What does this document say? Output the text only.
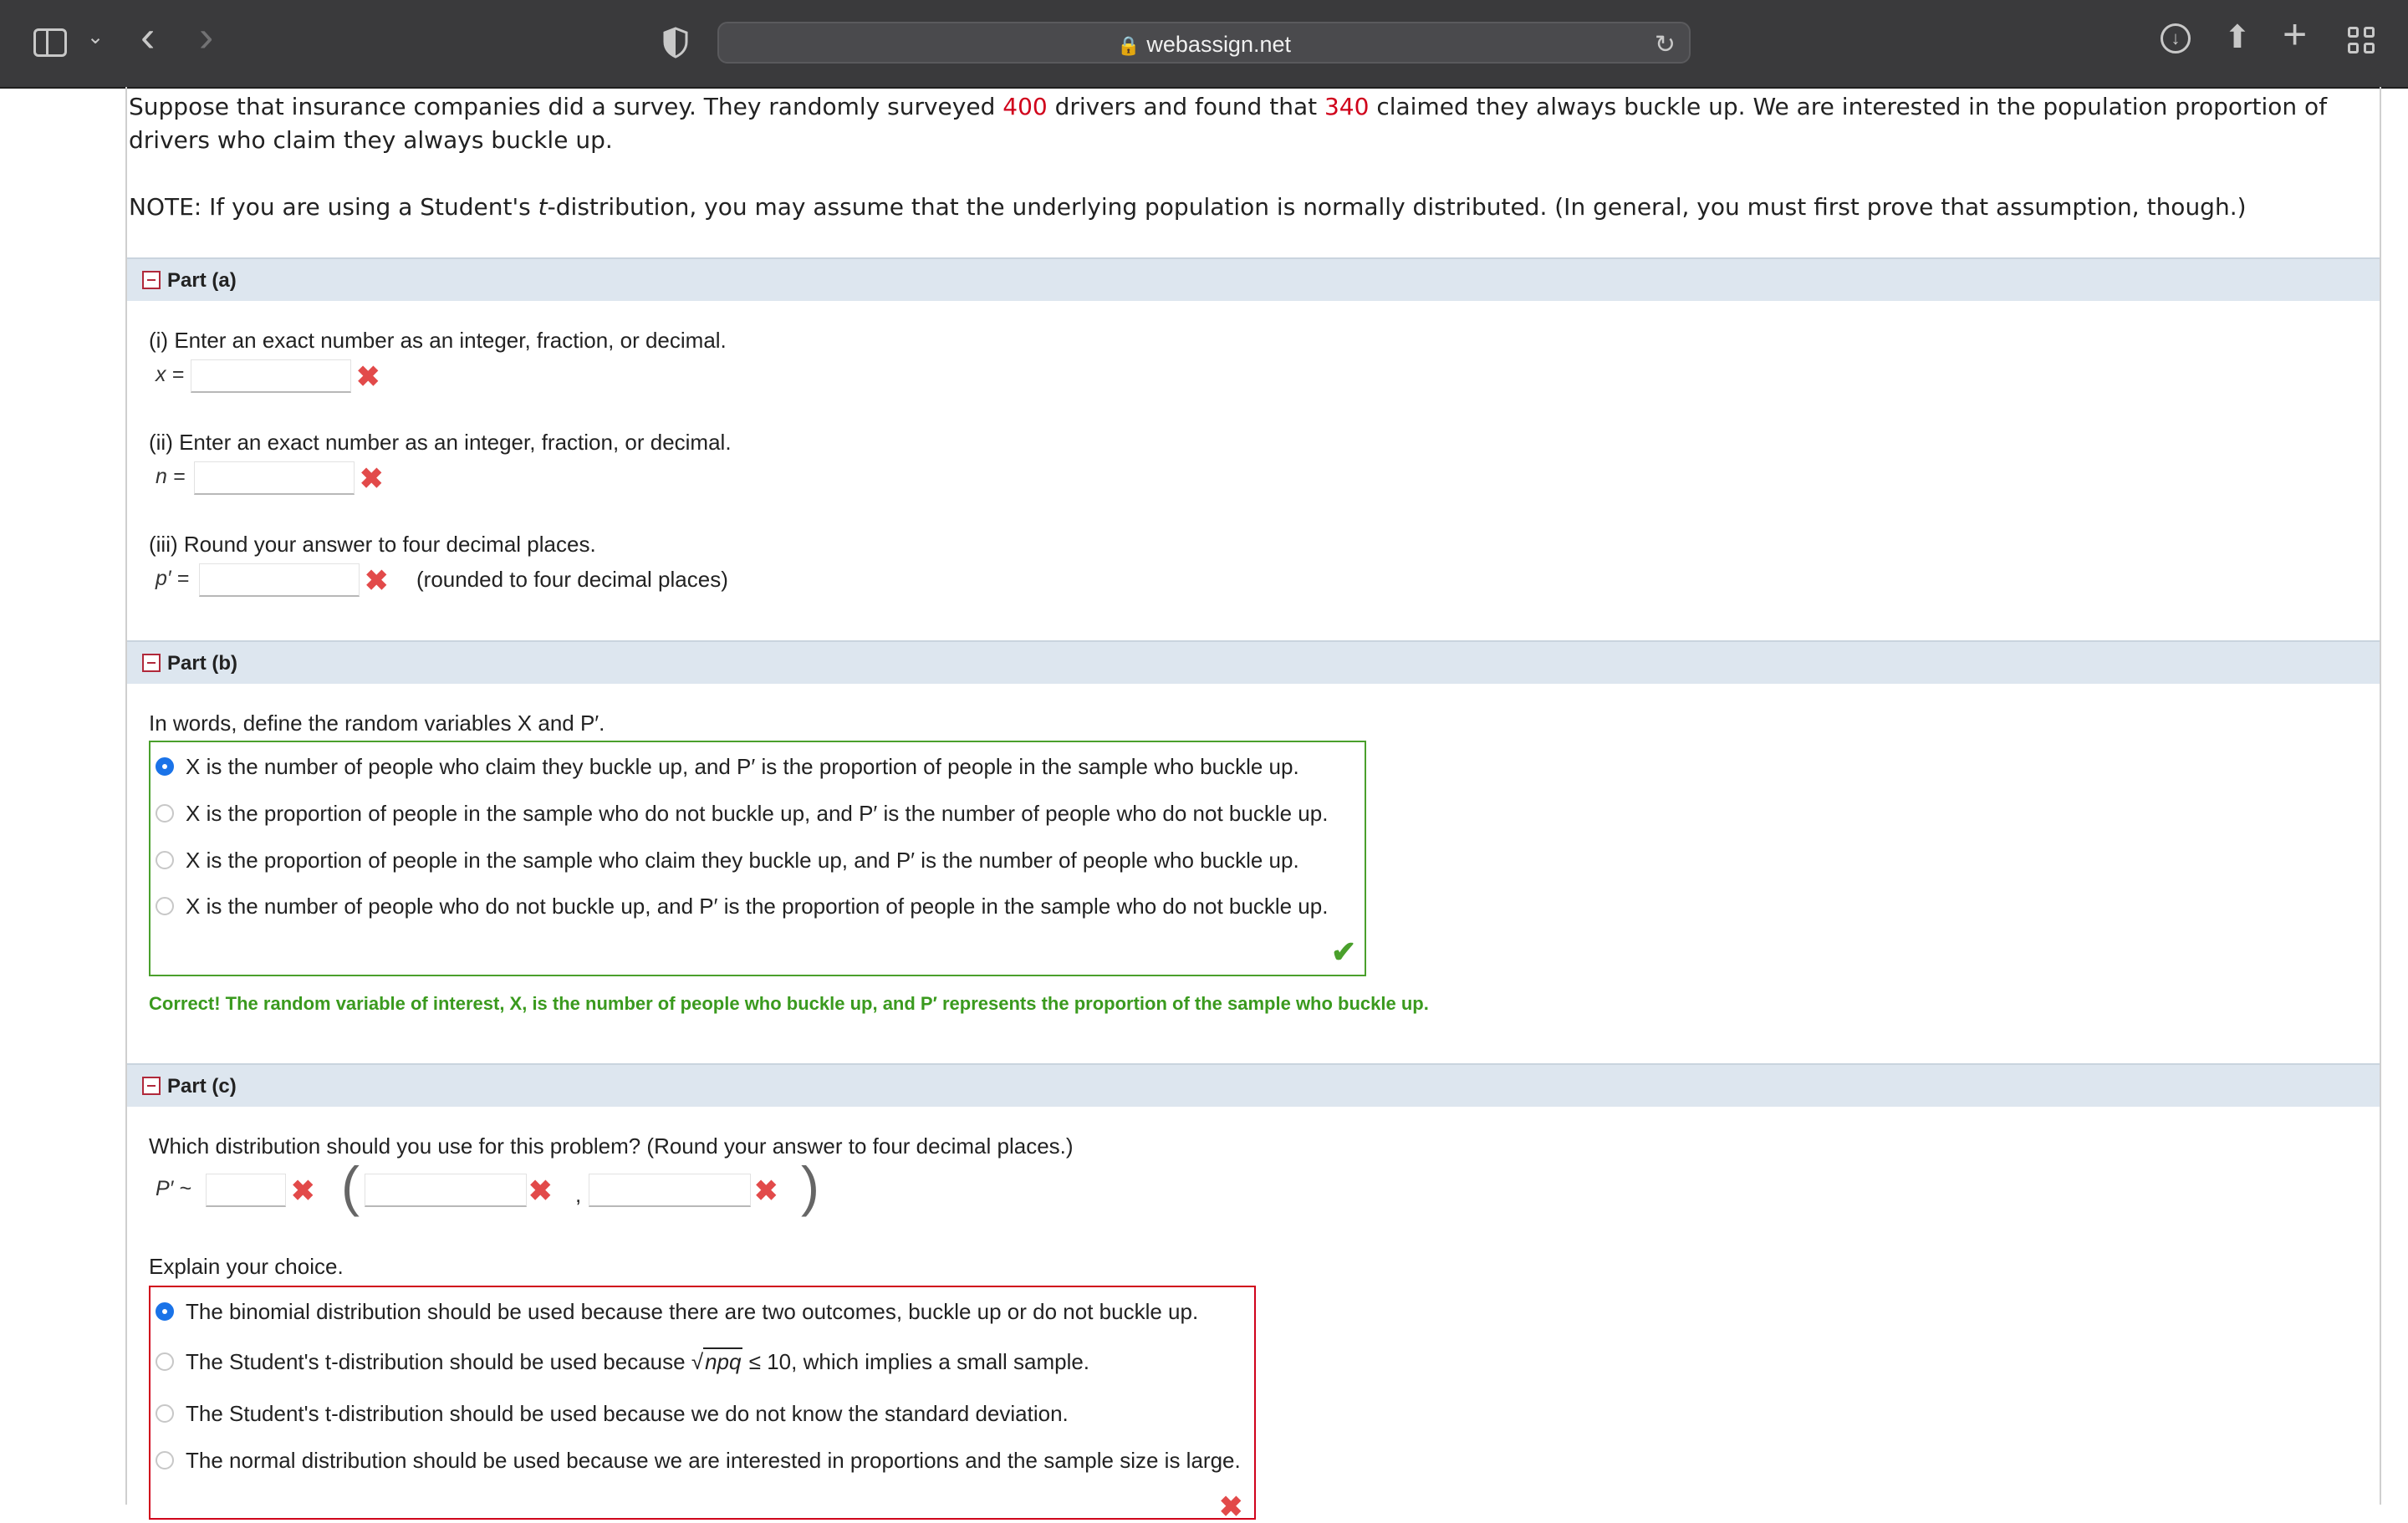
⌄ ‹ ›	🔒 webassign.net	↻	↓	⬆ +
Suppose that insurance companies did a survey. They randomly surveyed 400 drivers and found that 340 claimed they always buckle up. We are interested in the population proportion of drivers who claim they always buckle up.
NOTE: If you are using a Student's t-distribution, you may assume that the underlying population is normally distributed. (In general, you must first prove that assumption, though.)
Part (a)
(i) Enter an exact number as an integer, fraction, or decimal.
x =	✖
(ii) Enter an exact number as an integer, fraction, or decimal.
n =	✖
(iii) Round your answer to four decimal places.
p′ =	✖ (rounded to four decimal places)
Part (b)
In words, define the random variables X and P′.
X is the number of people who claim they buckle up, and P′ is the proportion of people in the sample who buckle up.
X is the proportion of people in the sample who do not buckle up, and P′ is the number of people who do not buckle up.
X is the proportion of people in the sample who claim they buckle up, and P′ is the number of people who buckle up.
X is the number of people who do not buckle up, and P′ is the proportion of people in the sample who do not buckle up.
✔
Correct! The random variable of interest, X, is the number of people who buckle up, and P′ represents the proportion of the sample who buckle up.
Part (c)
Which distribution should you use for this problem? (Round your answer to four decimal places.)
P′ ~	✖ (	✖ ,	✖ )
Explain your choice.
The binomial distribution should be used because there are two outcomes, buckle up or do not buckle up.
The Student's t-distribution should be used because √npq ≤ 10, which implies a small sample.
The Student's t-distribution should be used because we do not know the standard deviation.
The normal distribution should be used because we are interested in proportions and the sample size is large.
✖
